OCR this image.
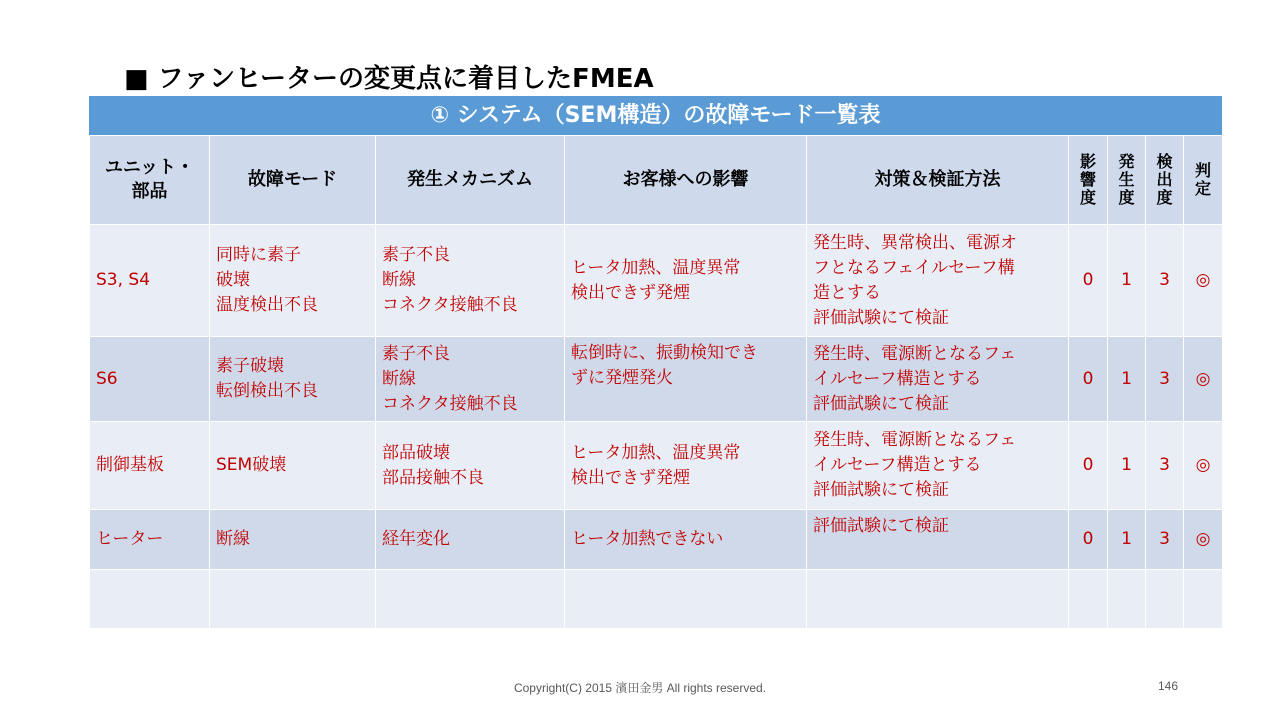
■ ファンヒーターの変更点に着目したFMEA
① システム（SEM構造）の故障モード一覧表
ユニット・
部品	故障モード	発生メカニズム	お客様への影響	対策＆検証方法	影
響
度	発
生
度	検
出
度	判
定
S3, S4	同時に素子
破壊
温度検出不良	素子不良
断線
コネクタ接触不良	ヒータ加熱、温度異常
検出できず発煙	発生時、異常検出、電源オ
フとなるフェイルセーフ構
造とする
評価試験にて検証	0	1	3	◎
S6	素子破壊
転倒検出不良	素子不良
断線
コネクタ接触不良	転倒時に、振動検知でき
ずに発煙発火	発生時、電源断となるフェ
イルセーフ構造とする
評価試験にて検証	0	1	3	◎
制御基板	SEM破壊	部品破壊
部品接触不良	ヒータ加熱、温度異常
検出できず発煙	発生時、電源断となるフェ
イルセーフ構造とする
評価試験にて検証	0	1	3	◎
ヒーター	断線	経年変化	ヒータ加熱できない	評価試験にて検証	0	1	3	◎

Copyright(C) 2015 濱田金男 All rights reserved.	146
